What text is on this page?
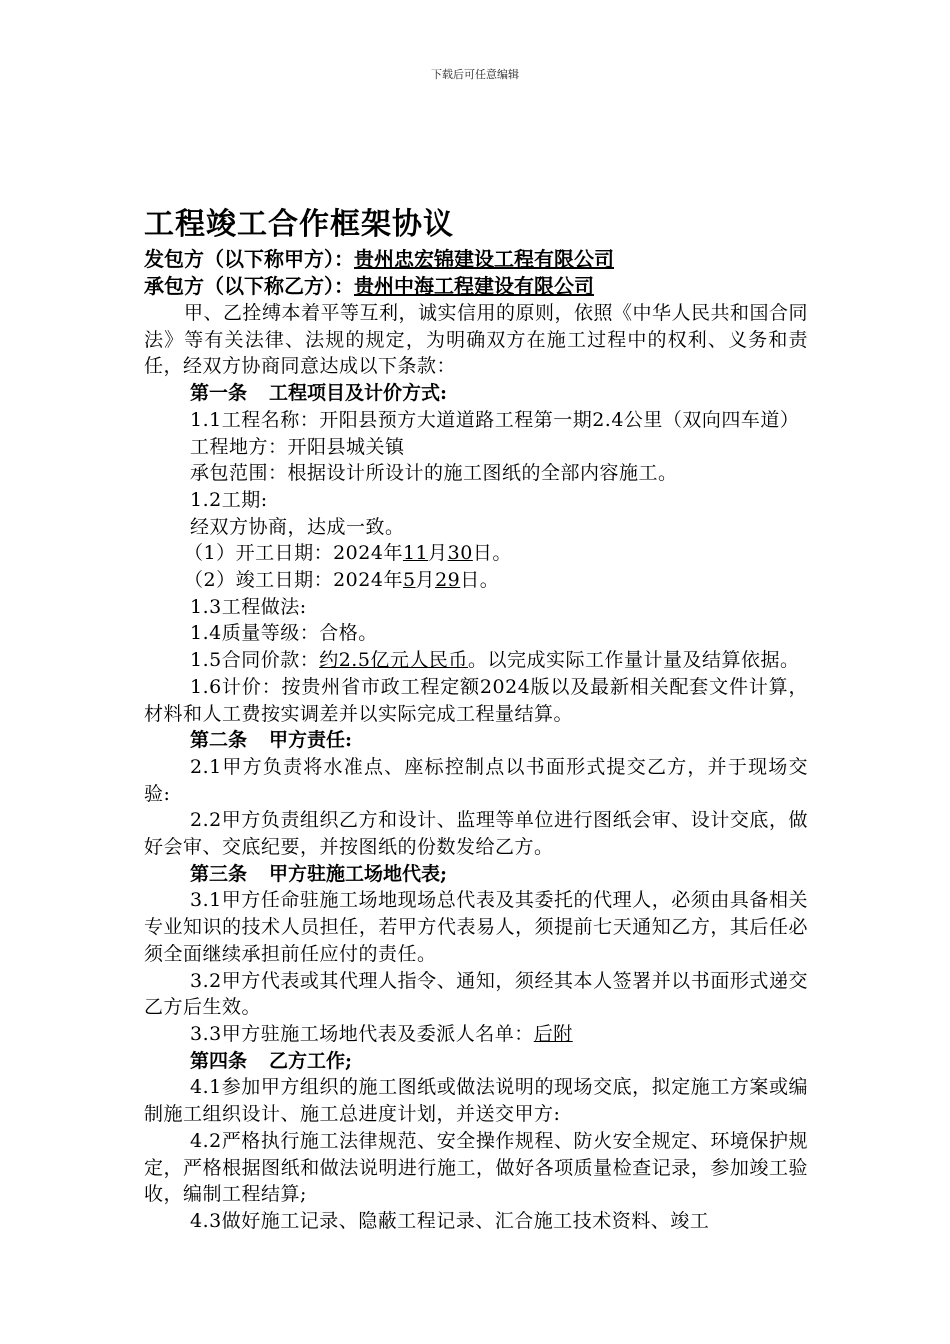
下载后可任意编辑
工程竣工合作框架协议
发包方（以下称甲方）：贵州忠宏锦建设工程有限公司
承包方（以下称乙方）：贵州中海工程建设有限公司
甲、乙拴缚本着平等互利，诚实信用的原则，依照《中华人民共和国合同法》等有关法律、法规的规定，为明确双方在施工过程中的权利、义务和责任，经双方协商同意达成以下条款：
第一条 工程项目及计价方式:
1.1工程名称：开阳县预方大道道路工程第一期2.4公里（双向四车道）
工程地方：开阳县城关镇
承包范围：根据设计所设计的施工图纸的全部内容施工。
1.2工期:
经双方协商，达成一致。
（1）开工日期：2024年11月30日。
（2）竣工日期：2024年5月29日。
1.3工程做法:
1.4质量等级：合格。
1.5合同价款：约2.5亿元人民币。以完成实际工作量计量及结算依据。
1.6计价：按贵州省市政工程定额2024版以及最新相关配套文件计算，材料和人工费按实调差并以实际完成工程量结算。
第二条 甲方责任:
2.1甲方负责将水准点、座标控制点以书面形式提交乙方，并于现场交验:
2.2甲方负责组织乙方和设计、监理等单位进行图纸会审、设计交底，做好会审、交底纪要，并按图纸的份数发给乙方。
第三条 甲方驻施工场地代表;
3.1甲方任命驻施工场地现场总代表及其委托的代理人，必须由具备相关专业知识的技术人员担任，若甲方代表易人，须提前七天通知乙方，其后任必须全面继续承担前任应付的责任。
3.2甲方代表或其代理人指令、通知，须经其本人签署并以书面形式递交乙方后生效。
3.3甲方驻施工场地代表及委派人名单：后附
第四条 乙方工作;
4.1参加甲方组织的施工图纸或做法说明的现场交底，拟定施工方案或编制施工组织设计、施工总进度计划，并送交甲方:
4.2严格执行施工法律规范、安全操作规程、防火安全规定、环境保护规定，严格根据图纸和做法说明进行施工，做好各项质量检查记录，参加竣工验收，编制工程结算;
4.3做好施工记录、隐蔽工程记录、汇合施工技术资料、竣工
